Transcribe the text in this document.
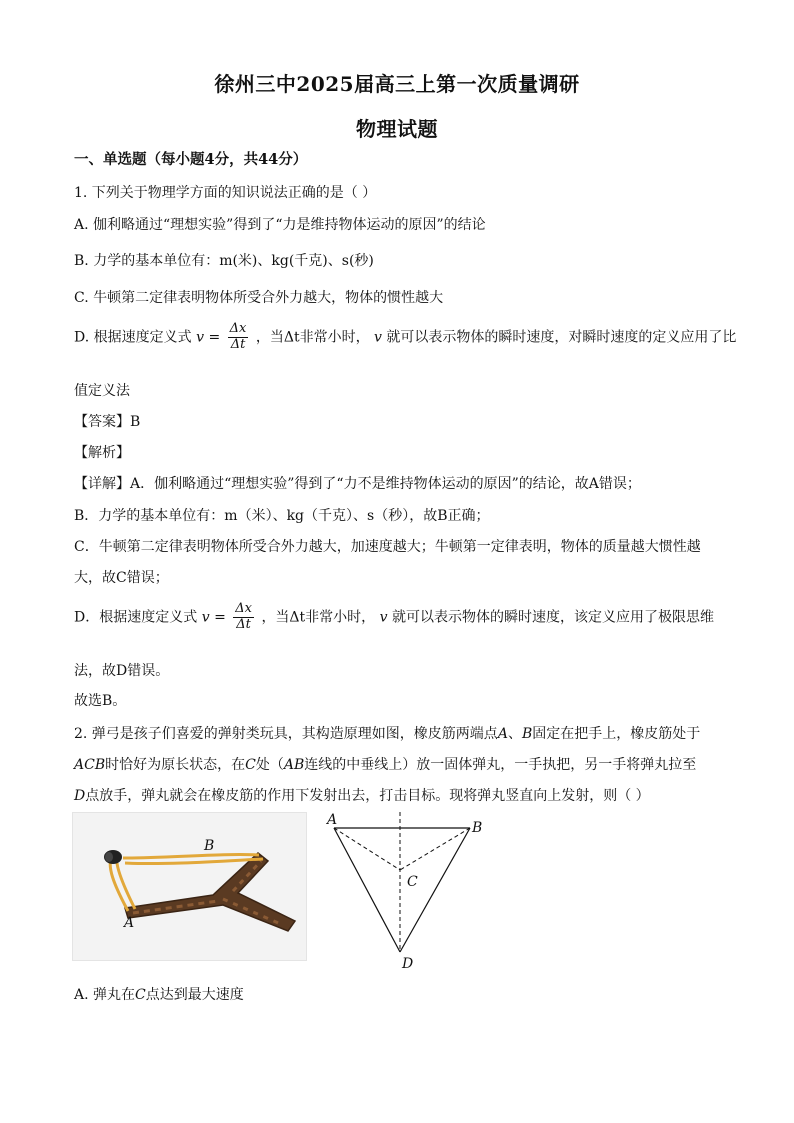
徐州三中2025届高三上第一次质量调研
物理试题
一、单选题（每小题4分，共44分）
1. 下列关于物理学方面的知识说法正确的是（ ）
A. 伽利略通过“理想实验”得到了“力是维持物体运动的原因”的结论
B. 力学的基本单位有：m(米)、kg(千克)、s(秒)
C. 牛顿第二定律表明物体所受合外力越大，物体的惯性越大
D. 根据速度定义式 $v = \frac{\Delta x}{\Delta t}$ ，当Δt非常小时， v 就可以表示物体的瞬时速度，对瞬时速度的定义应用了比
值定义法
【答案】B
【解析】
【详解】A．伽利略通过“理想实验”得到了“力不是维持物体运动的原因”的结论，故A错误；
B．力学的基本单位有：m（米）、kg（千克）、s（秒），故B正确；
C．牛顿第二定律表明物体所受合外力越大，加速度越大；牛顿第一定律表明，物体的质量越大惯性越
大，故C错误；
D．根据速度定义式 $v = \frac{\Delta x}{\Delta t}$ ，当Δt非常小时， v 就可以表示物体的瞬时速度，该定义应用了极限思维
法，故D错误。
故选B。
2. 弹弓是孩子们喜爱的弹射类玩具，其构造原理如图，橡皮筋两端点A、B固定在把手上，橡皮筋处于
ACB时恰好为原长状态，在C处（AB连线的中垂线上）放一固体弹丸，一手执把，另一手将弹丸拉至
D点放手，弹丸就会在橡皮筋的作用下发射出去，打击目标。现将弹丸竖直向上发射，则（ ）
B
A
A	B
C
D
A. 弹丸在C点达到最大速度
